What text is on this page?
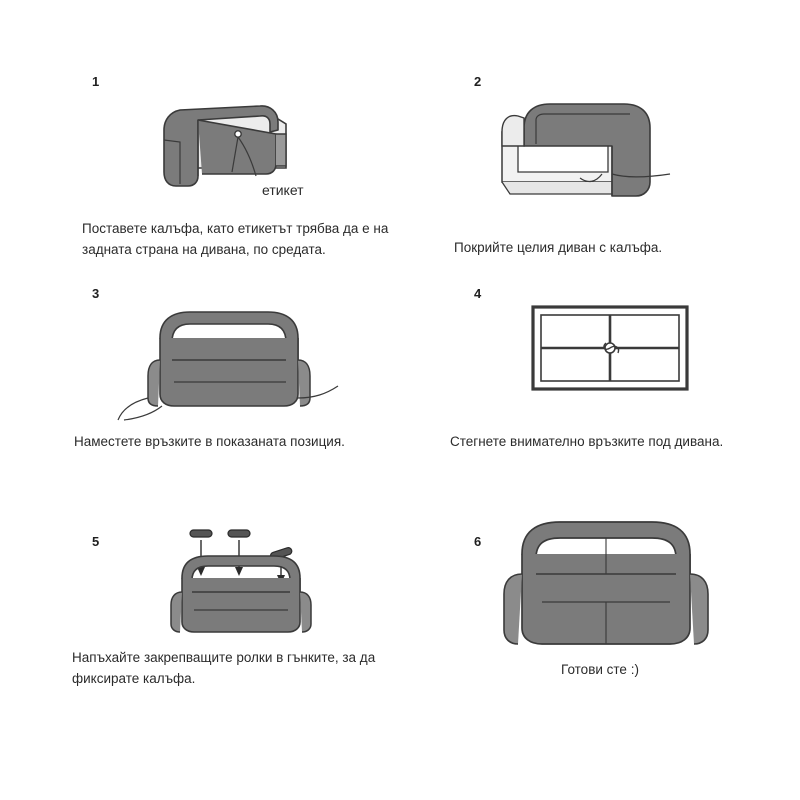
1
етикет
Поставете калъфа, като етикетът трябва да е на задната страна на дивана, по средата.
2
Покрийте целия диван с калъфа.
3
Наместете връзките в показаната позиция.
4
Стегнете внимателно връзките под дивана.
5
Напъхайте закрепващите ролки в гънките, за да фиксирате калъфа.
6
Готови сте :)
